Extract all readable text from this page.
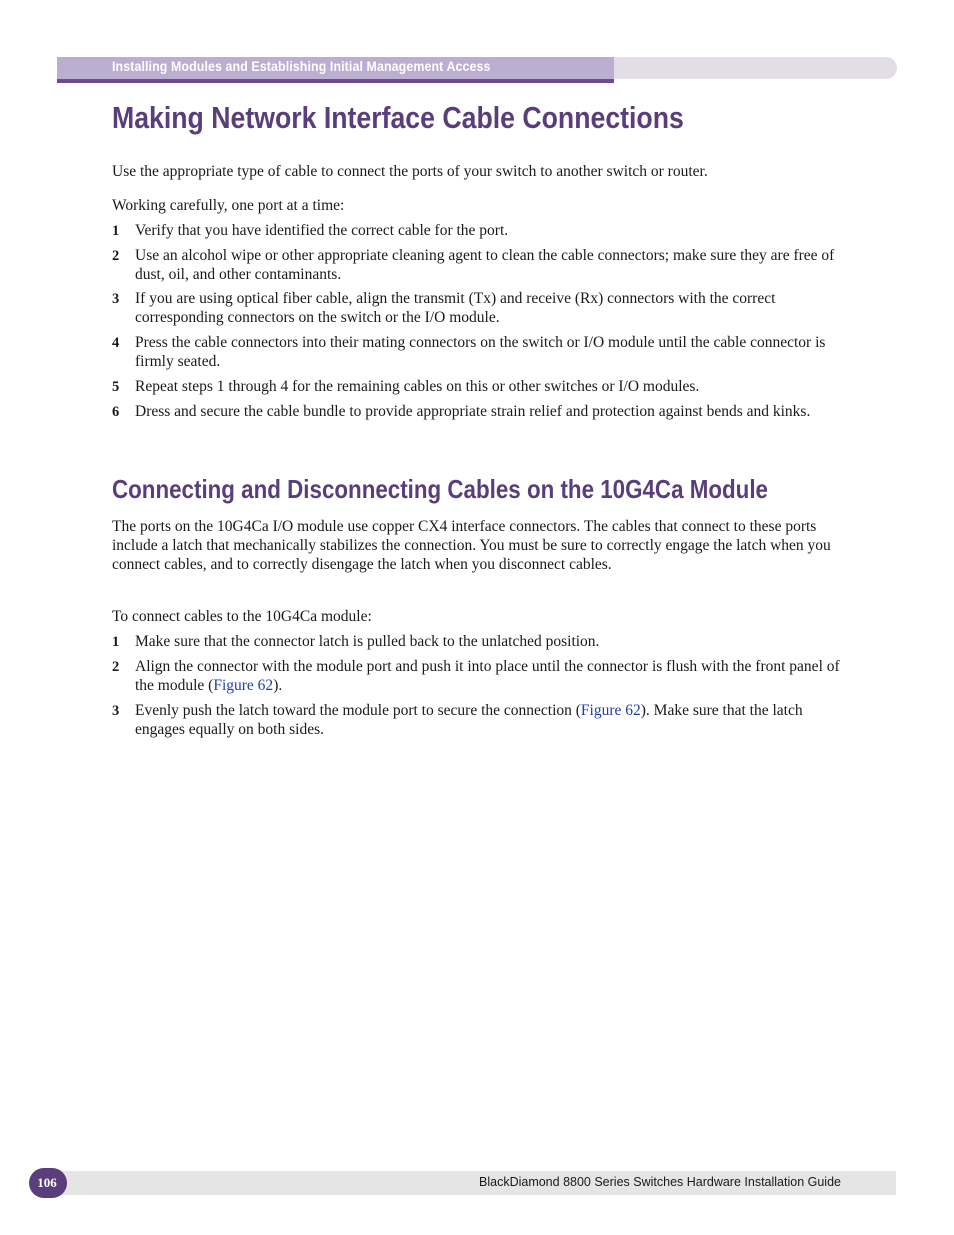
Installing Modules and Establishing Initial Management Access
Making Network Interface Cable Connections

Use the appropriate type of cable to connect the ports of your switch to another switch or router.

Working carefully, one port at a time:

1 Verify that you have identified the correct cable for the port.
2 Use an alcohol wipe or other appropriate cleaning agent to clean the cable connectors; make sure they are free of dust, oil, and other contaminants.
3 If you are using optical fiber cable, align the transmit (Tx) and receive (Rx) connectors with the correct corresponding connectors on the switch or the I/O module.
4 Press the cable connectors into their mating connectors on the switch or I/O module until the cable connector is firmly seated.
5 Repeat steps 1 through 4 for the remaining cables on this or other switches or I/O modules.
6 Dress and secure the cable bundle to provide appropriate strain relief and protection against bends and kinks.
Connecting and Disconnecting Cables on the 10G4Ca Module

The ports on the 10G4Ca I/O module use copper CX4 interface connectors. The cables that connect to these ports include a latch that mechanically stabilizes the connection. You must be sure to correctly engage the latch when you connect cables, and to correctly disengage the latch when you disconnect cables.

To connect cables to the 10G4Ca module:

1 Make sure that the connector latch is pulled back to the unlatched position.
2 Align the connector with the module port and push it into place until the connector is flush with the front panel of the module (Figure 62).
3 Evenly push the latch toward the module port to secure the connection (Figure 62). Make sure that the latch engages equally on both sides.
106	BlackDiamond 8800 Series Switches Hardware Installation Guide
